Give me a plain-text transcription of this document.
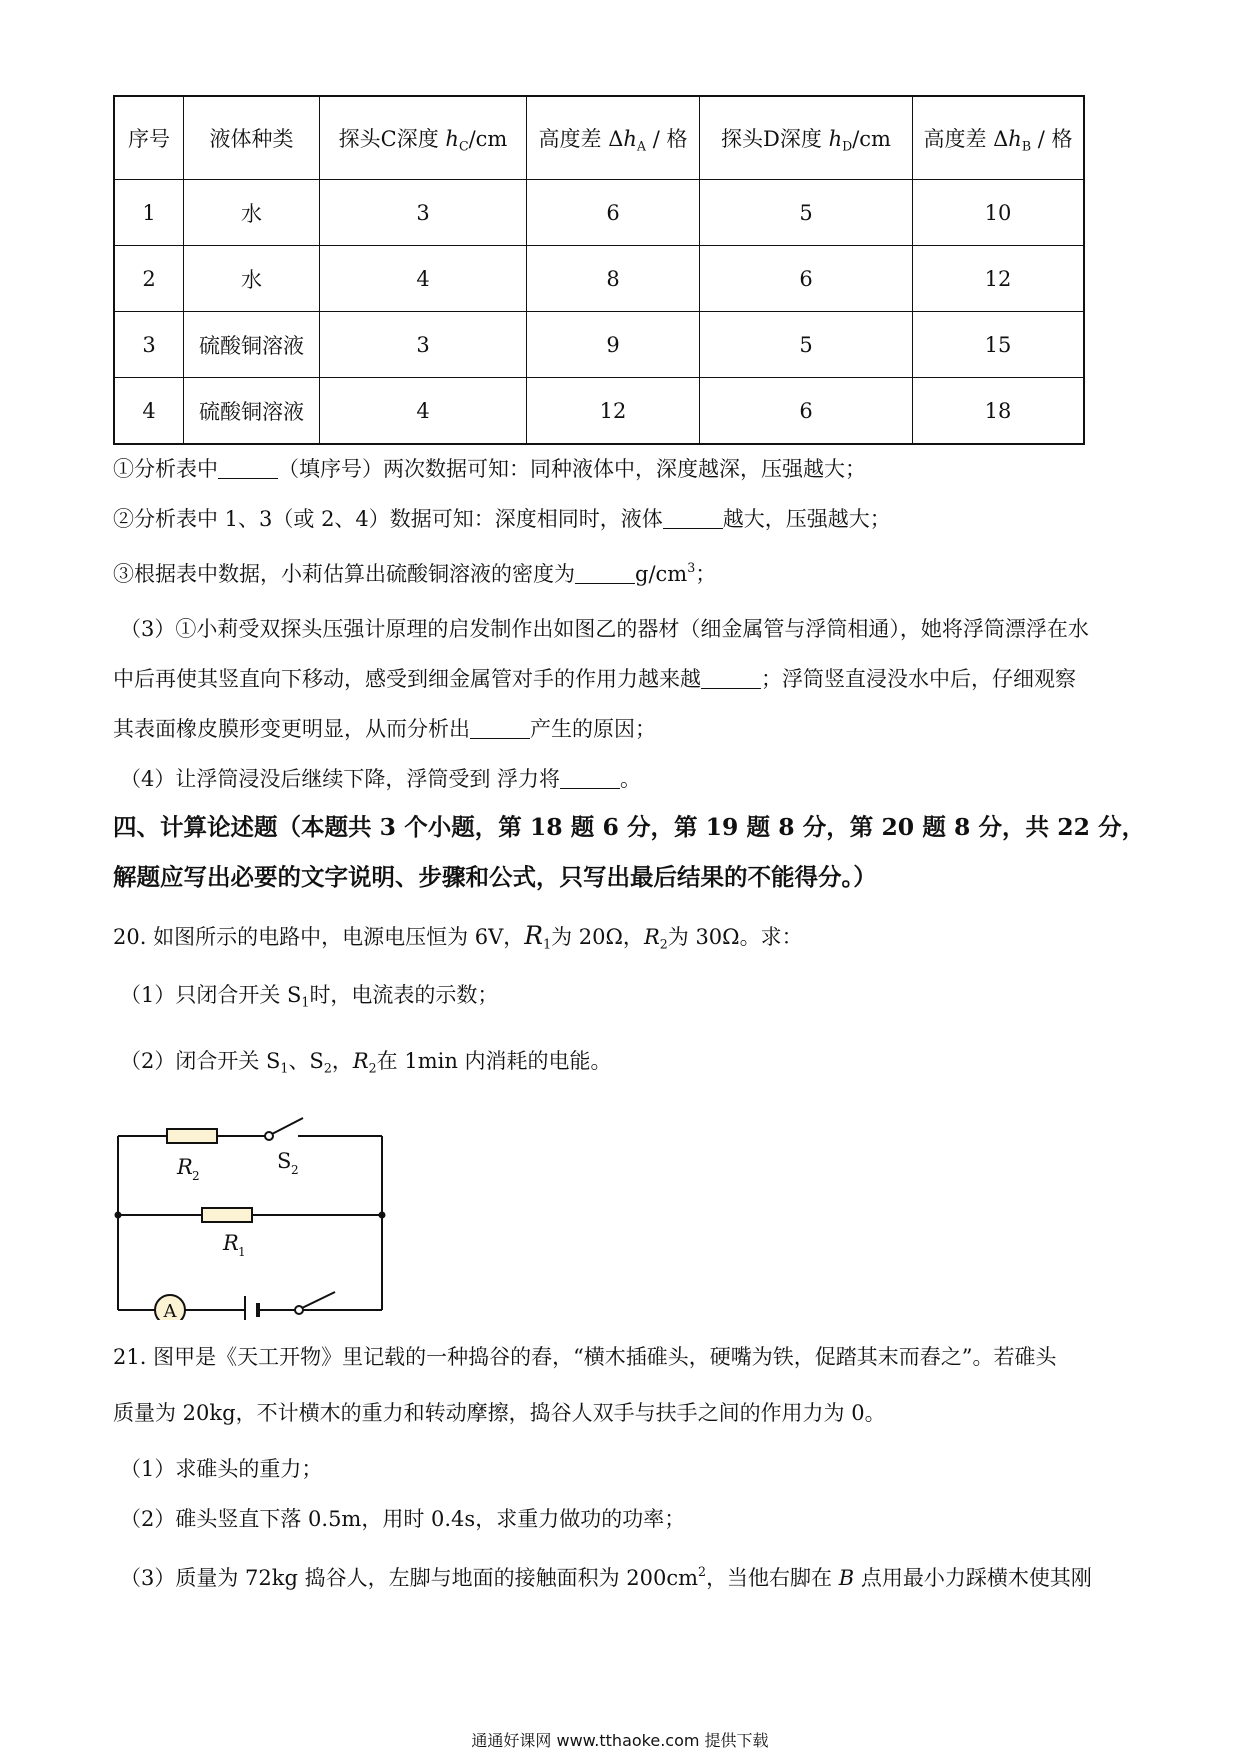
序号	液体种类	探头C深度 $h_C/cm$	高度差 $\Delta h_A$ / 格	探头D深度 $h_D/cm$	高度差 $\Delta h_B$ / 格
1	水	3	6	5	10
2	水	4	8	6	12
3	硫酸铜溶液	3	9	5	15
4	硫酸铜溶液	4	12	6	18
①分析表中	（填序号）两次数据可知：同种液体中，深度越深，压强越大；
②分析表中 1、3（或 2、4）数据可知：深度相同时，液体	越大，压强越大；
③根据表中数据，小莉估算出硫酸铜溶液的密度为	$g/cm^3$；
（3）①小莉受双探头压强计原理的启发制作出如图乙的器材（细金属管与浮筒相通），她将浮筒漂浮在水
中后再使其竖直向下移动，感受到细金属管对手的作用力越来越	；浮筒竖直浸没水中后，仔细观察
其表面橡皮膜形变更明显，从而分析出	产生的原因；
（4）让浮筒浸没后继续下降，浮筒受到 浮力将	。
四、计算论述题（本题共 3 个小题，第 18 题 6 分，第 19 题 8 分，第 20 题 8 分，共 22 分，
解题应写出必要的文字说明、步骤和公式，只写出最后结果的不能得分。）
20. 如图所示的电路中，电源电压恒为 6V，$R_1$为 20Ω，$R_2$为 30Ω。求：
（1）只闭合开关 $S_1$时，电流表的示数；
（2）闭合开关 $S_1$、$S_2$，$R_2$在 1min 内消耗的电能。
A
R 2
S 2
R 1
21. 图甲是《天工开物》里记载的一种捣谷的舂，“横木插碓头，硬嘴为铁，促踏其末而舂之”。若碓头
质量为 20kg，不计横木的重力和转动摩擦，捣谷人双手与扶手之间的作用力为 0。
（1）求碓头的重力；
（2）碓头竖直下落 0.5m，用时 0.4s，求重力做功的功率；
（3）质量为 72kg 捣谷人，左脚与地面的接触面积为 $200cm^2$，当他右脚在 B 点用最小力踩横木使其刚
通通好课网 www.tthaoke.com 提供下载
